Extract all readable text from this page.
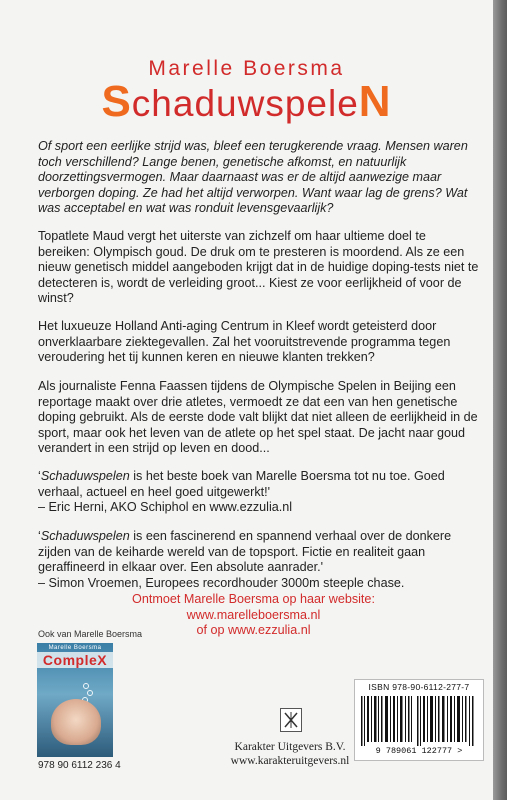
Marelle Boersma
SchaduwspeleN
Of sport een eerlijke strijd was, bleef een terugkerende vraag. Mensen waren toch verschillend? Lange benen, genetische afkomst, en natuurlijk doorzettingsvermogen. Maar daarnaast was er de altijd aanwezige maar verborgen doping. Ze had het altijd verworpen. Want waar lag de grens? Wat was acceptabel en wat was ronduit levensgevaarlijk?
Topatlete Maud vergt het uiterste van zichzelf om haar ultieme doel te bereiken: Olympisch goud. De druk om te presteren is moordend. Als ze een nieuw genetisch middel aangeboden krijgt dat in de huidige doping-tests niet te detecteren is, wordt de verleiding groot... Kiest ze voor eerlijkheid of voor de winst?
Het luxueuze Holland Anti-aging Centrum in Kleef wordt geteisterd door onverklaarbare ziektegevallen. Zal het vooruitstrevende programma tegen veroudering het tij kunnen keren en nieuwe klanten trekken?
Als journaliste Fenna Faassen tijdens de Olympische Spelen in Beijing een reportage maakt over drie atletes, vermoedt ze dat een van hen genetische doping gebruikt. Als de eerste dode valt blijkt dat niet alleen de eerlijkheid in de sport, maar ook het leven van de atlete op het spel staat. De jacht naar goud verandert in een strijd op leven en dood...
‘Schaduwspelen is het beste boek van Marelle Boersma tot nu toe. Goed verhaal, actueel en heel goed uitgewerkt!'
– Eric Herni, AKO Schiphol en www.ezzulia.nl
‘Schaduwspelen is een fascinerend en spannend verhaal over de donkere zijden van de keiharde wereld van de topsport. Fictie en realiteit gaan geraffineerd in elkaar over. Een absolute aanrader.'
– Simon Vroemen, Europees recordhouder 3000m steeple chase.
Ontmoet Marelle Boersma op haar website:
www.marelleboersma.nl
of op www.ezzulia.nl
Ook van Marelle Boersma
Marelle Boersma
CompleX
978 90 6112 236 4
Karakter Uitgevers B.V.
www.karakteruitgevers.nl
ISBN 978-90-6112-277-7
9 789061 122777 >
